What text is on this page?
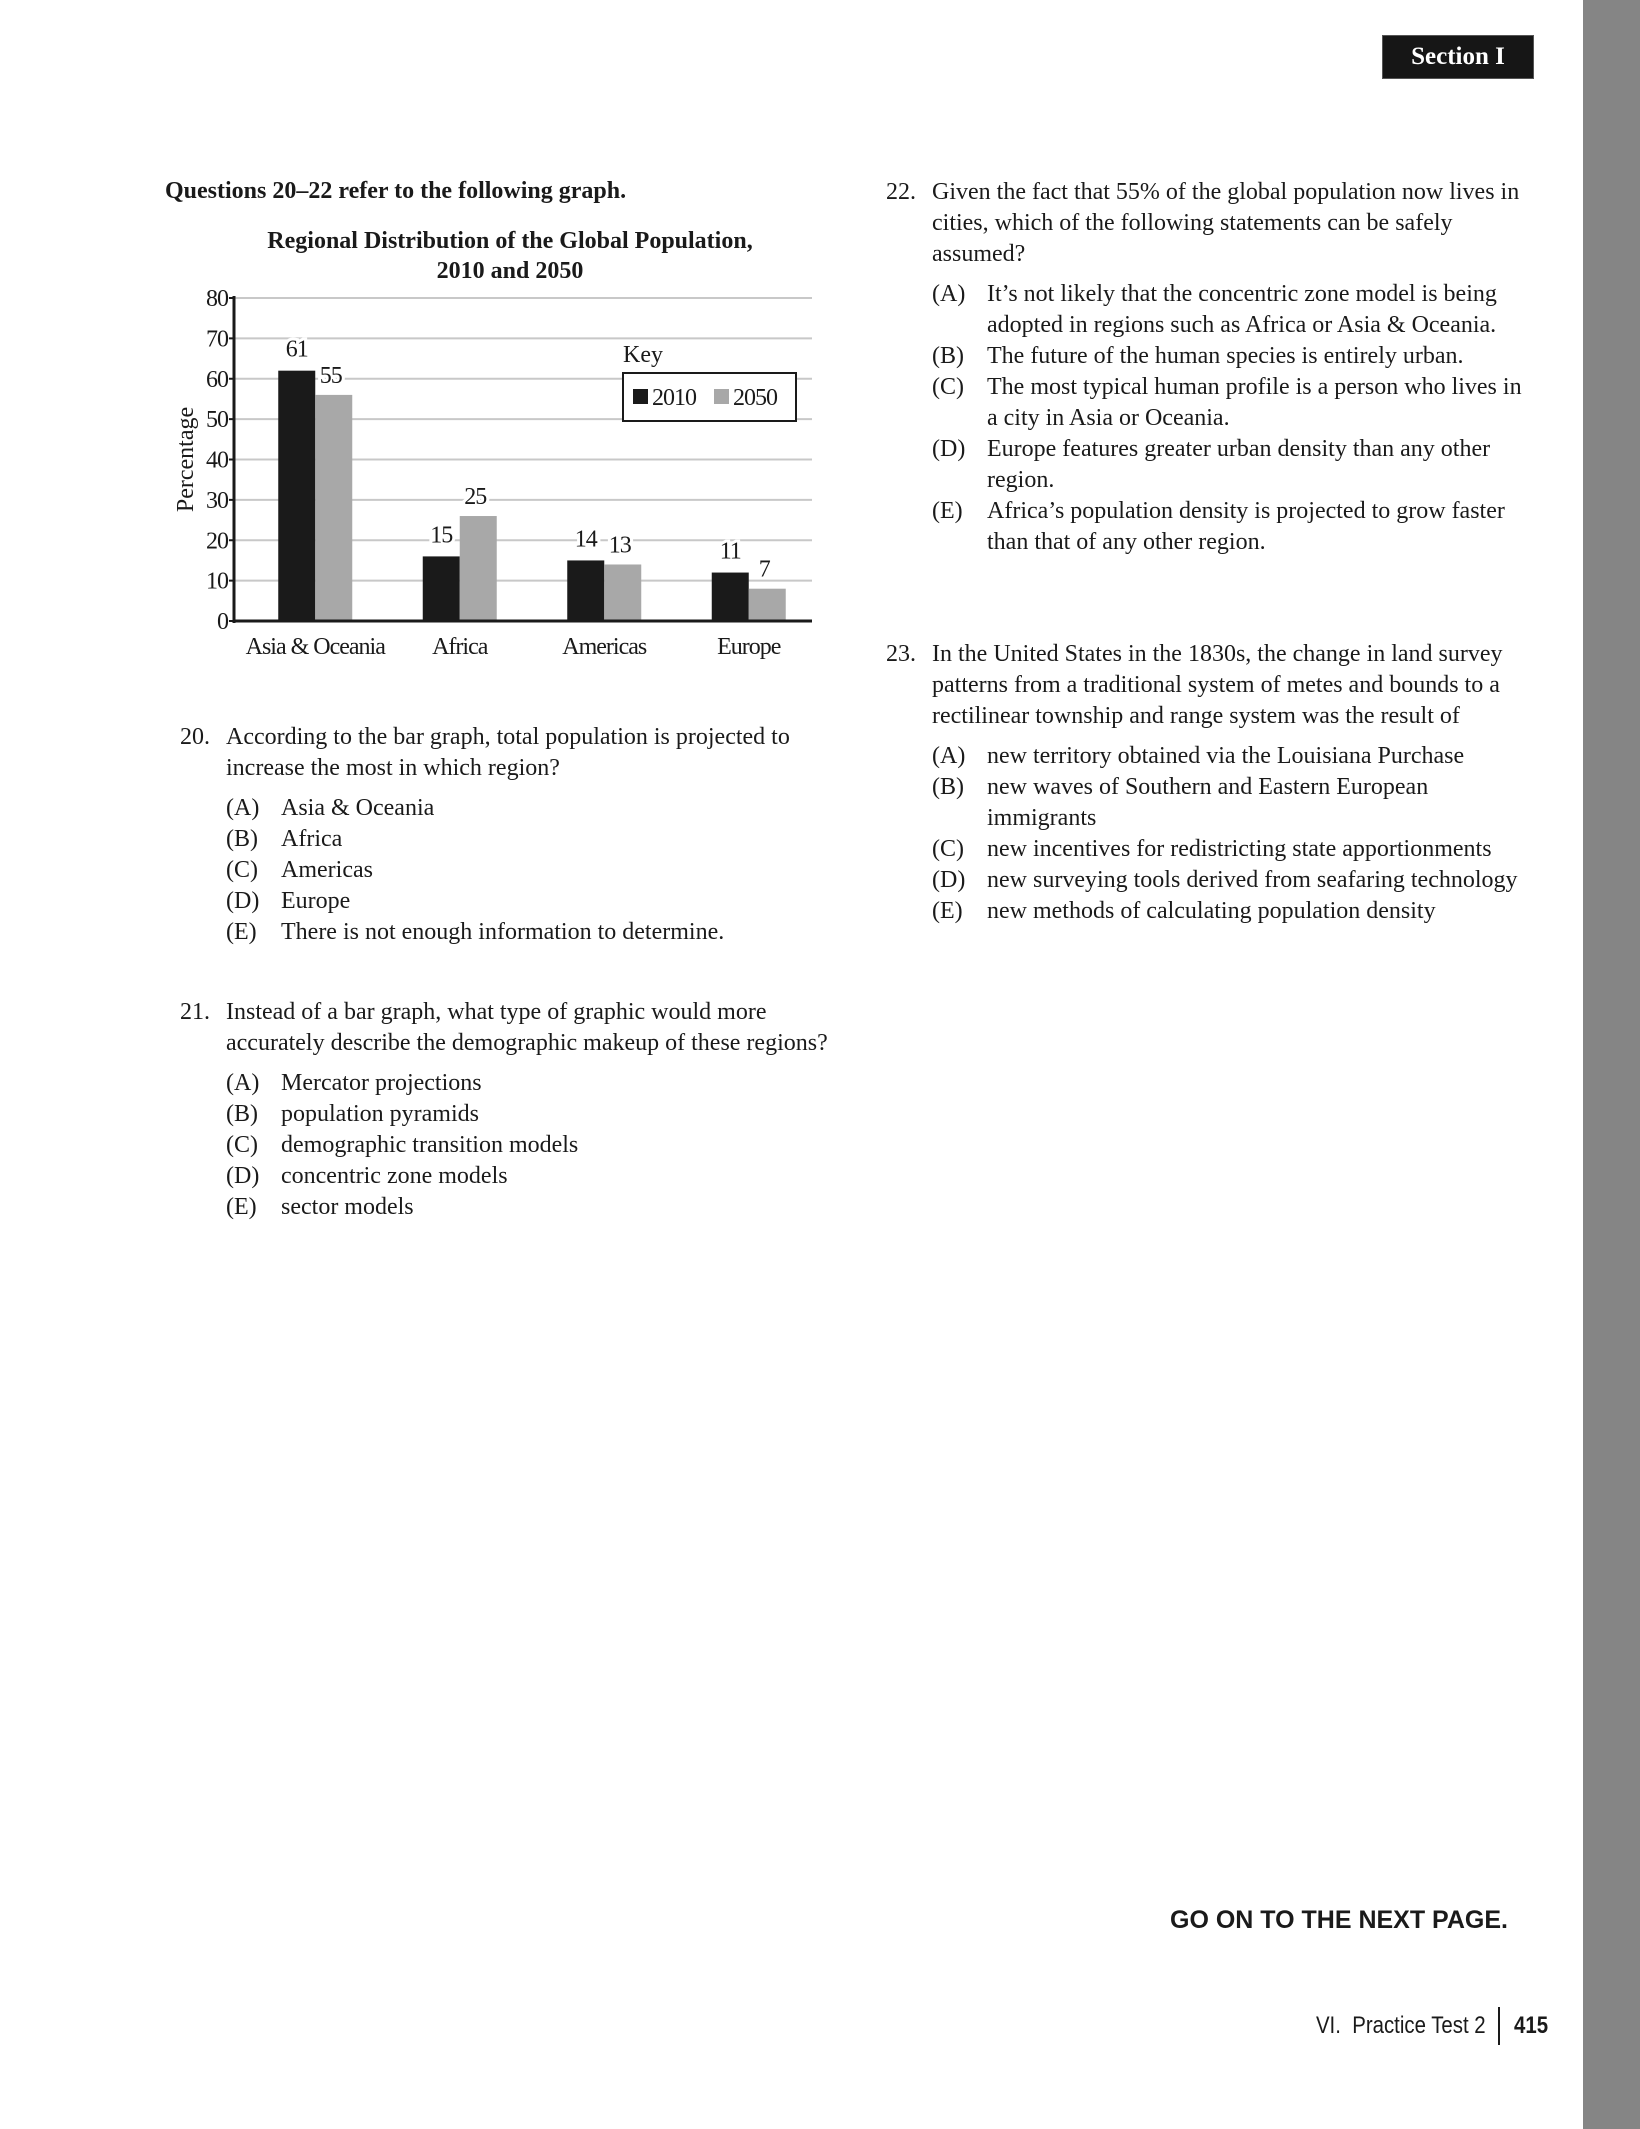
Section I
Questions 20–22 refer to the following graph.
Regional Distribution of the Global Population,
2010 and 2050
0
10
20
30
40
50
60
70
80
Percentage
61
55
Asia & Oceania
15
25
Africa
14 13
Americas
11
7
Europe
Key
2010 2050
20. According to the bar graph, total population is projected to increase the most in which region?
(A) Asia & Oceania
(B) Africa
(C) Americas
(D) Europe
(E) There is not enough information to determine.
21. Instead of a bar graph, what type of graphic would more accurately describe the demographic makeup of these regions?
(A) Mercator projections
(B) population pyramids
(C) demographic transition models
(D) concentric zone models
(E) sector models
22. Given the fact that 55% of the global population now lives in cities, which of the following statements can be safely assumed?
(A) It’s not likely that the concentric zone model is being adopted in regions such as Africa or Asia & Oceania.
(B) The future of the human species is entirely urban.
(C) The most typical human profile is a person who lives in a city in Asia or Oceania.
(D) Europe features greater urban density than any other region.
(E) Africa’s population density is projected to grow faster than that of any other region.
23. In the United States in the 1830s, the change in land survey patterns from a traditional system of metes and bounds to a rectilinear township and range system was the result of
(A) new territory obtained via the Louisiana Purchase
(B) new waves of Southern and Eastern European immigrants
(C) new incentives for redistricting state apportionments
(D) new surveying tools derived from seafaring technology
(E) new methods of calculating population density
GO ON TO THE NEXT PAGE.
VI.  Practice Test 2 415
